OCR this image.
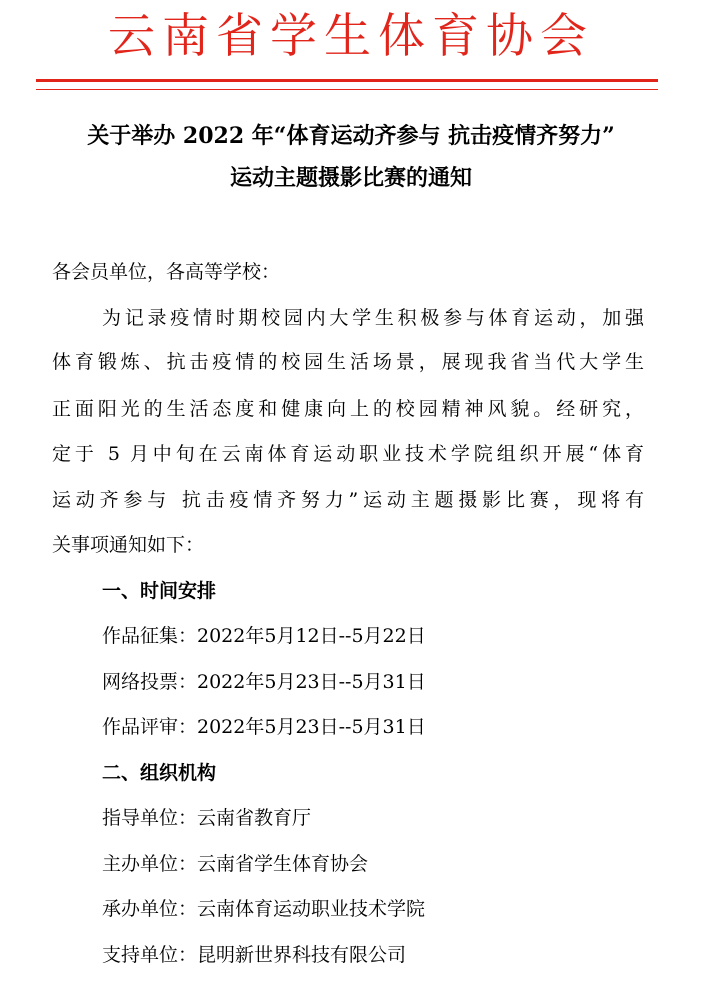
云南省学生体育协会
关于举办 2022 年“体育运动齐参与 抗击疫情齐努力”
运动主题摄影比赛的通知
各会员单位，各高等学校：
为记录疫情时期校园内大学生积极参与体育运动，加强
体育锻炼、抗击疫情的校园生活场景，展现我省当代大学生
正面阳光的生活态度和健康向上的校园精神风貌。经研究，
定于 5 月中旬在云南体育运动职业技术学院组织开展“体育
运动齐参与 抗击疫情齐努力”运动主题摄影比赛，现将有
关事项通知如下：
一、时间安排
作品征集：2022年5月12日--5月22日
网络投票：2022年5月23日--5月31日
作品评审：2022年5月23日--5月31日
二、组织机构
指导单位：云南省教育厅
主办单位：云南省学生体育协会
承办单位：云南体育运动职业技术学院
支持单位：昆明新世界科技有限公司
